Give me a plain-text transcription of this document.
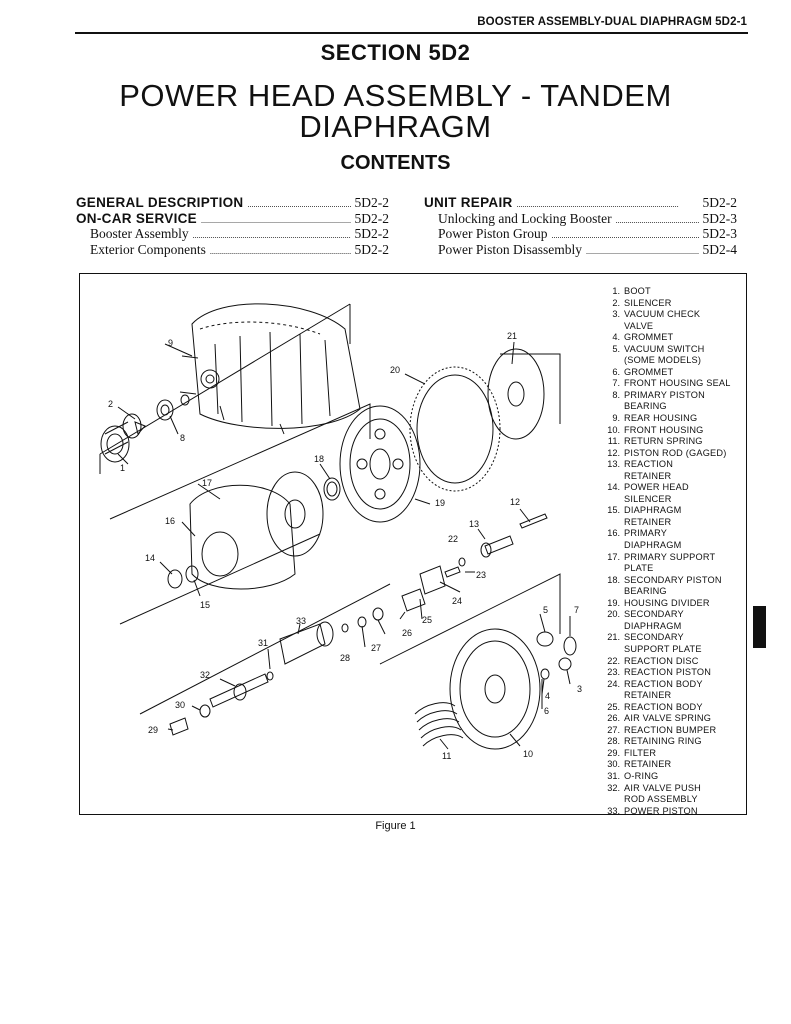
BOOSTER ASSEMBLY-DUAL DIAPHRAGM 5D2-1
SECTION 5D2
POWER HEAD ASSEMBLY - TANDEM
DIAPHRAGM
CONTENTS
GENERAL DESCRIPTION . . .	5D2-2
ON-CAR SERVICE . . .	5D2-2
Booster Assembly . . .	5D2-2
Exterior Components . . .	5D2-2
UNIT REPAIR . . .	5D2-2
Unlocking and Locking Booster . . .	5D2-3
Power Piston Group . . .	5D2-3
Power Piston Disassembly . . .	5D2-4
9
2
1
8
17
16
14
15
18
19
20
21
12
13
22
23
24
25
26
27
28
33
31
32
30
29
11	10
5	7
4
3
6
1. BOOT
2. SILENCER
3. VACUUM CHECK
VALVE
4. GROMMET
5. VACUUM SWITCH
(SOME MODELS)
6. GROMMET
7. FRONT HOUSING SEAL
8. PRIMARY PISTON
BEARING
9. REAR HOUSING
10. FRONT HOUSING
11. RETURN SPRING
12. PISTON ROD (GAGED)
13. REACTION
RETAINER
14. POWER HEAD
SILENCER
15. DIAPHRAGM
RETAINER
16. PRIMARY
DIAPHRAGM
17. PRIMARY SUPPORT
PLATE
18. SECONDARY PISTON
BEARING
19. HOUSING DIVIDER
20. SECONDARY
DIAPHRAGM
21. SECONDARY
SUPPORT PLATE
22. REACTION DISC
23. REACTION PISTON
24. REACTION BODY
RETAINER
25. REACTION BODY
26. AIR VALVE SPRING
27. REACTION BUMPER
28. RETAINING RING
29. FILTER
30. RETAINER
31. O-RING
32. AIR VALVE PUSH
ROD ASSEMBLY
33. POWER PISTON
Figure 1
